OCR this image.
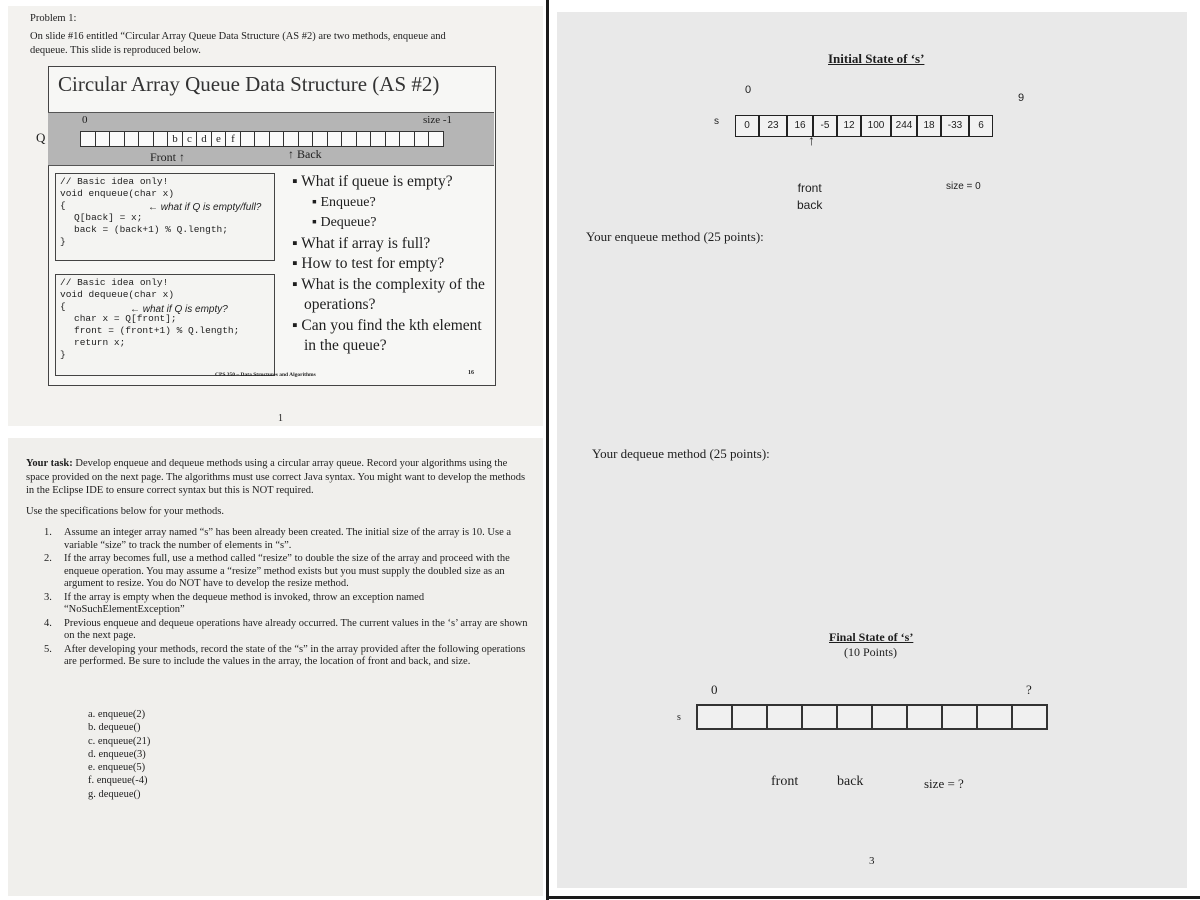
Problem 1:
On slide #16 entitled “Circular Array Queue Data Structure (AS #2) are two methods, enqueue and
dequeue. This slide is reproduced below.
Circular Array Queue Data Structure (AS #2)
Q
0	size -1
b c d e f
Front ↑	↑ Back
// Basic idea only!
void enqueue(char x)
{
Q[back] = x;
back = (back+1) % Q.length;
}
// Basic idea only!
void dequeue(char x)
{
char x = Q[front];
front = (front+1) % Q.length;
return x;
}
← what if Q is empty/full?
← what if Q is empty?
▪ What if queue is empty?
▪ Enqueue?
▪ Dequeue?
▪ What if array is full?
▪ How to test for empty?
▪ What is the complexity of the operations?
▪ Can you find the kth element in the queue?
CPS 350 – Data Structures and Algorithms	16
1
Your task: Develop enqueue and dequeue methods using a circular array queue. Record your algorithms using the space provided on the next page. The algorithms must use correct Java syntax. You might want to develop the methods in the Eclipse IDE to ensure correct syntax but this is NOT required.
Use the specifications below for your methods.
1. Assume an integer array named “s” has been already been created. The initial size of the array is 10. Use a variable “size” to track the number of elements in “s”.
2. If the array becomes full, use a method called “resize” to double the size of the array and proceed with the enqueue operation. You may assume a “resize” method exists but you must supply the doubled size as an argument to resize. You do NOT have to develop the resize method.
3. If the array is empty when the dequeue method is invoked, throw an exception named “NoSuchElementException”
4. Previous enqueue and dequeue operations have already occurred. The current values in the ‘s’ array are shown on the next page.
5. After developing your methods, record the state of the “s” in the array provided after the following operations are performed. Be sure to include the values in the array, the location of front and back, and size.
a. enqueue(2)
b. dequeue()
c. enqueue(21)
d. enqueue(3)
e. enqueue(5)
f. enqueue(-4)
g. dequeue()
Initial State of ‘s’
0
9
s	0	23	16	-5	12	100	244	18	-33	6
↑
front
back
size = 0
Your enqueue method (25 points):
Your dequeue method (25 points):
Final State of ‘s’
(10 Points)
0	?
s
front	back	size = ?
3
